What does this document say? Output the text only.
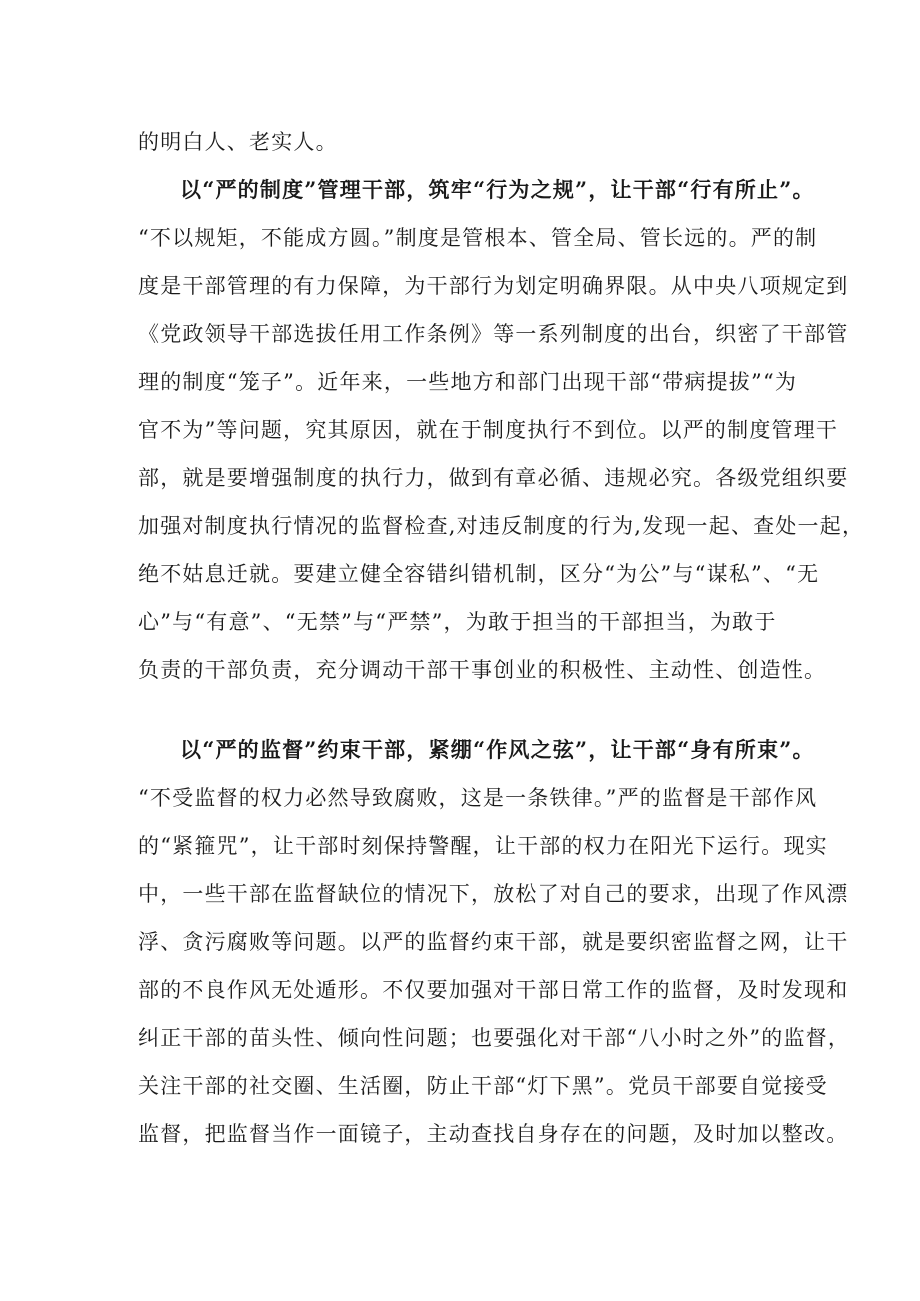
的明白人、老实人。
以“严的制度”管理干部，筑牢“行为之规”，让干部“行有所止”。
“不以规矩，不能成方圆。”制度是管根本、管全局、管长远的。严的制
度是干部管理的有力保障，为干部行为划定明确界限。从中央八项规定到
《党政领导干部选拔任用工作条例》等一系列制度的出台，织密了干部管
理的制度“笼子”。近年来，一些地方和部门出现干部“带病提拔”“为
官不为”等问题，究其原因，就在于制度执行不到位。以严的制度管理干
部，就是要增强制度的执行力，做到有章必循、违规必究。各级党组织要
加强对制度执行情况的监督检查,对违反制度的行为,发现一起、查处一起，
绝不姑息迁就。要建立健全容错纠错机制，区分“为公”与“谋私”、“无
心”与“有意”、“无禁”与“严禁”，为敢于担当的干部担当，为敢于
负责的干部负责，充分调动干部干事创业的积极性、主动性、创造性。
以“严的监督”约束干部，紧绷“作风之弦”，让干部“身有所束”。
“不受监督的权力必然导致腐败，这是一条铁律。”严的监督是干部作风
的“紧箍咒”，让干部时刻保持警醒，让干部的权力在阳光下运行。现实
中，一些干部在监督缺位的情况下，放松了对自己的要求，出现了作风漂
浮、贪污腐败等问题。以严的监督约束干部，就是要织密监督之网，让干
部的不良作风无处遁形。不仅要加强对干部日常工作的监督，及时发现和
纠正干部的苗头性、倾向性问题；也要强化对干部“八小时之外”的监督，
关注干部的社交圈、生活圈，防止干部“灯下黑”。党员干部要自觉接受
监督，把监督当作一面镜子，主动查找自身存在的问题，及时加以整改。
